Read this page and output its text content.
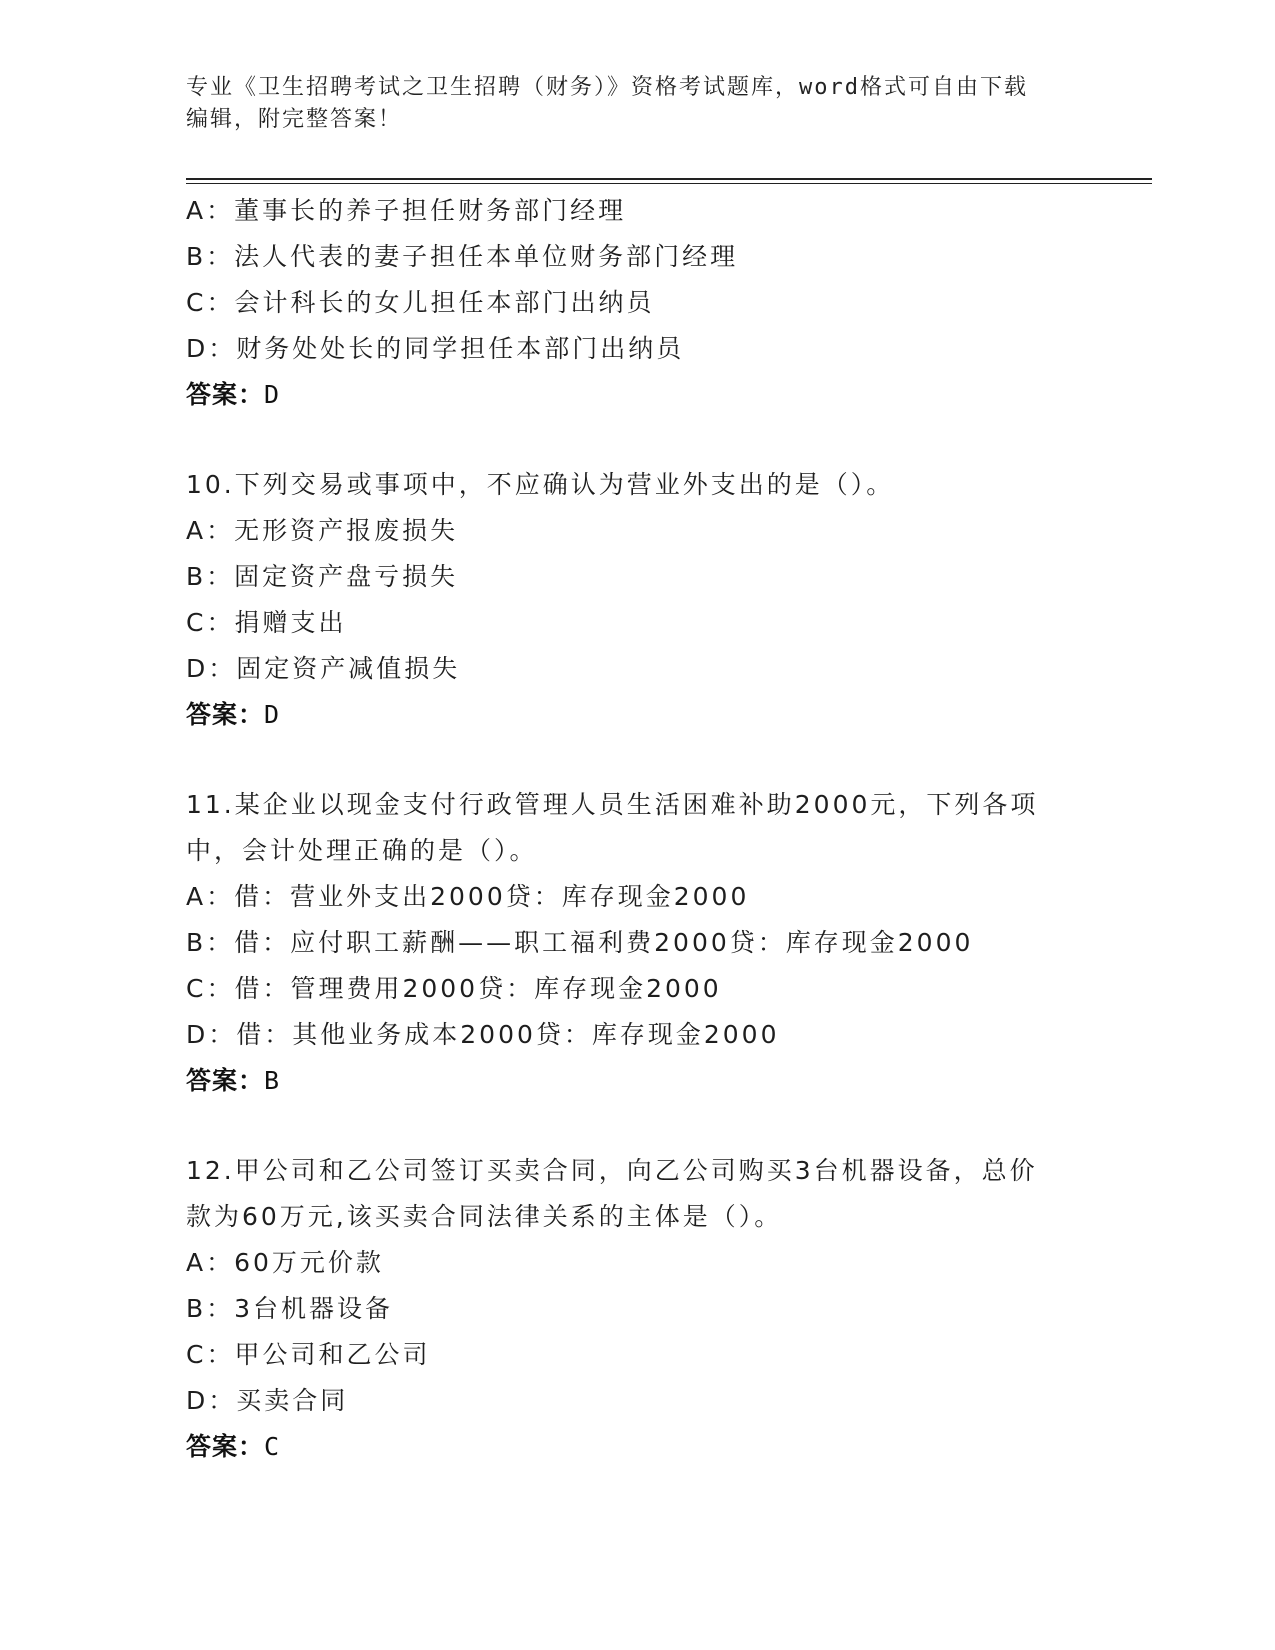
专业《卫生招聘考试之卫生招聘（财务）》资格考试题库，word格式可自由下载
编辑，附完整答案！
A：董事长的养子担任财务部门经理
B：法人代表的妻子担任本单位财务部门经理
C：会计科长的女儿担任本部门出纳员
D：财务处处长的同学担任本部门出纳员
答案：D
10.下列交易或事项中，不应确认为营业外支出的是（）。
A：无形资产报废损失
B：固定资产盘亏损失
C：捐赠支出
D：固定资产减值损失
答案：D
11.某企业以现金支付行政管理人员生活困难补助2000元，下列各项
中，会计处理正确的是（）。
A：借：营业外支出2000贷：库存现金2000
B：借：应付职工薪酬——职工福利费2000贷：库存现金2000
C：借：管理费用2000贷：库存现金2000
D：借：其他业务成本2000贷：库存现金2000
答案：B
12.甲公司和乙公司签订买卖合同，向乙公司购买3台机器设备，总价
款为60万元,该买卖合同法律关系的主体是（）。
A：60万元价款
B：3台机器设备
C：甲公司和乙公司
D：买卖合同
答案：C
